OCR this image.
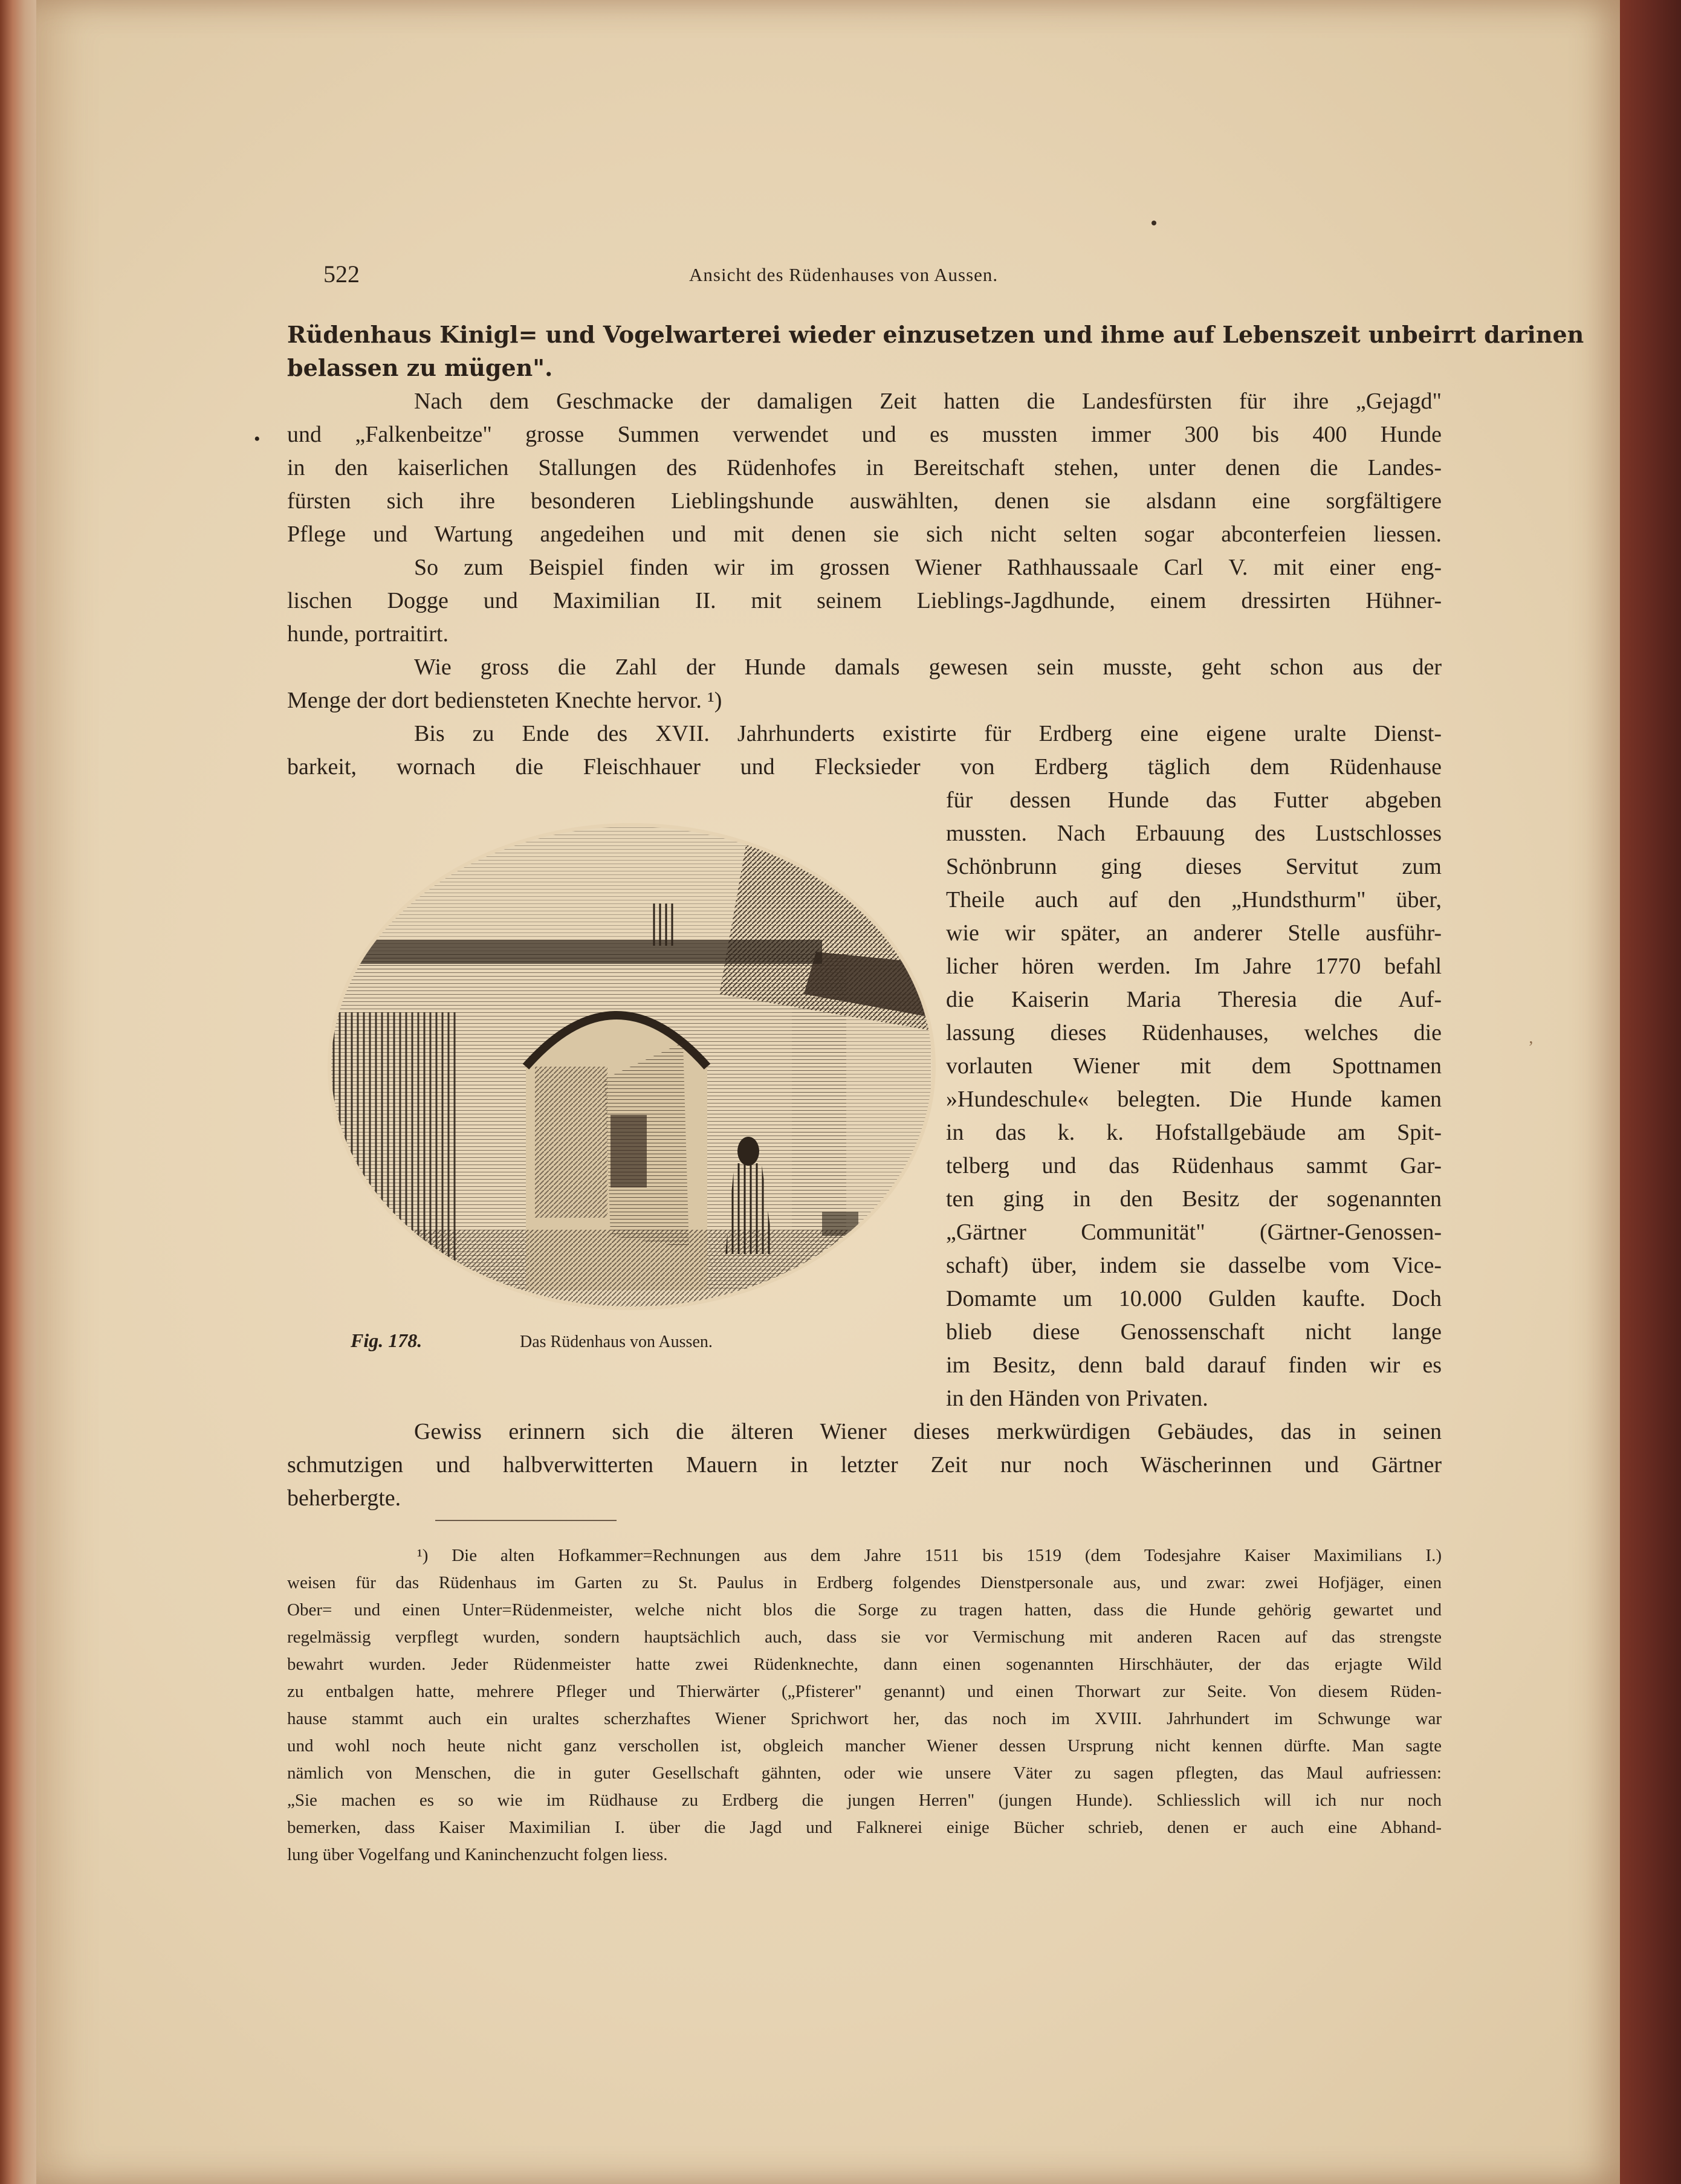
522	Ansicht des Rüdenhauses von Aussen.
•
ʼ
Rüdenhaus Kinigl= und Vogelwarterei wieder einzusetzen und ihme auf Lebenszeit unbeirrt darinen
belassen zu mügen".
Nach dem Geschmacke der damaligen Zeit hatten die Landesfürsten für ihre „Gejagd"
und „Falkenbeitze" grosse Summen verwendet und es mussten immer 300 bis 400 Hunde
in den kaiserlichen Stallungen des Rüdenhofes in Bereitschaft stehen, unter denen die Landes-
fürsten sich ihre besonderen Lieblingshunde auswählten, denen sie alsdann eine sorgfältigere
Pflege und Wartung angedeihen und mit denen sie sich nicht selten sogar abconterfeien liessen.
So zum Beispiel finden wir im grossen Wiener Rathhaussaale Carl V. mit einer eng-
lischen Dogge und Maximilian II. mit seinem Lieblings-Jagdhunde, einem dressirten Hühner-
hunde, portraitirt.
Wie gross die Zahl der Hunde damals gewesen sein musste, geht schon aus der
Menge der dort bediensteten Knechte hervor. ¹)
Bis zu Ende des XVII. Jahrhunderts existirte für Erdberg eine eigene uralte Dienst-
barkeit, wornach die Fleischhauer und Flecksieder von Erdberg täglich dem Rüdenhause
für dessen Hunde das Futter abgeben
mussten. Nach Erbauung des Lustschlosses
Schönbrunn ging dieses Servitut zum
Theile auch auf den „Hundsthurm" über,
wie wir später, an anderer Stelle ausführ-
licher hören werden. Im Jahre 1770 befahl
die Kaiserin Maria Theresia die Auf-
lassung dieses Rüdenhauses, welches die
vorlauten Wiener mit dem Spottnamen
»Hundeschule« belegten. Die Hunde kamen
in das k. k. Hofstallgebäude am Spit-
telberg und das Rüdenhaus sammt Gar-
ten ging in den Besitz der sogenannten
„Gärtner Communität" (Gärtner-Genossen-
schaft) über, indem sie dasselbe vom Vice-
Domamte um 10.000 Gulden kaufte. Doch
blieb diese Genossenschaft nicht lange
im Besitz, denn bald darauf finden wir es
in den Händen von Privaten.
Fig. 178.	Das Rüdenhaus von Aussen.
Gewiss erinnern sich die älteren Wiener dieses merkwürdigen Gebäudes, das in seinen
schmutzigen und halbverwitterten Mauern in letzter Zeit nur noch Wäscherinnen und Gärtner
beherbergte.
¹) Die alten Hofkammer=Rechnungen aus dem Jahre 1511 bis 1519 (dem Todesjahre Kaiser Maximilians I.)
weisen für das Rüdenhaus im Garten zu St. Paulus in Erdberg folgendes Dienstpersonale aus, und zwar: zwei Hofjäger, einen
Ober= und einen Unter=Rüdenmeister, welche nicht blos die Sorge zu tragen hatten, dass die Hunde gehörig gewartet und
regelmässig verpflegt wurden, sondern hauptsächlich auch, dass sie vor Vermischung mit anderen Racen auf das strengste
bewahrt wurden. Jeder Rüdenmeister hatte zwei Rüdenknechte, dann einen sogenannten Hirschhäuter, der das erjagte Wild
zu entbalgen hatte, mehrere Pfleger und Thierwärter („Pfisterer" genannt) und einen Thorwart zur Seite. Von diesem Rüden-
hause stammt auch ein uraltes scherzhaftes Wiener Sprichwort her, das noch im XVIII. Jahrhundert im Schwunge war
und wohl noch heute nicht ganz verschollen ist, obgleich mancher Wiener dessen Ursprung nicht kennen dürfte. Man sagte
nämlich von Menschen, die in guter Gesellschaft gähnten, oder wie unsere Väter zu sagen pflegten, das Maul aufriessen:
„Sie machen es so wie im Rüdhause zu Erdberg die jungen Herren" (jungen Hunde). Schliesslich will ich nur noch
bemerken, dass Kaiser Maximilian I. über die Jagd und Falknerei einige Bücher schrieb, denen er auch eine Abhand-
lung über Vogelfang und Kaninchenzucht folgen liess.
